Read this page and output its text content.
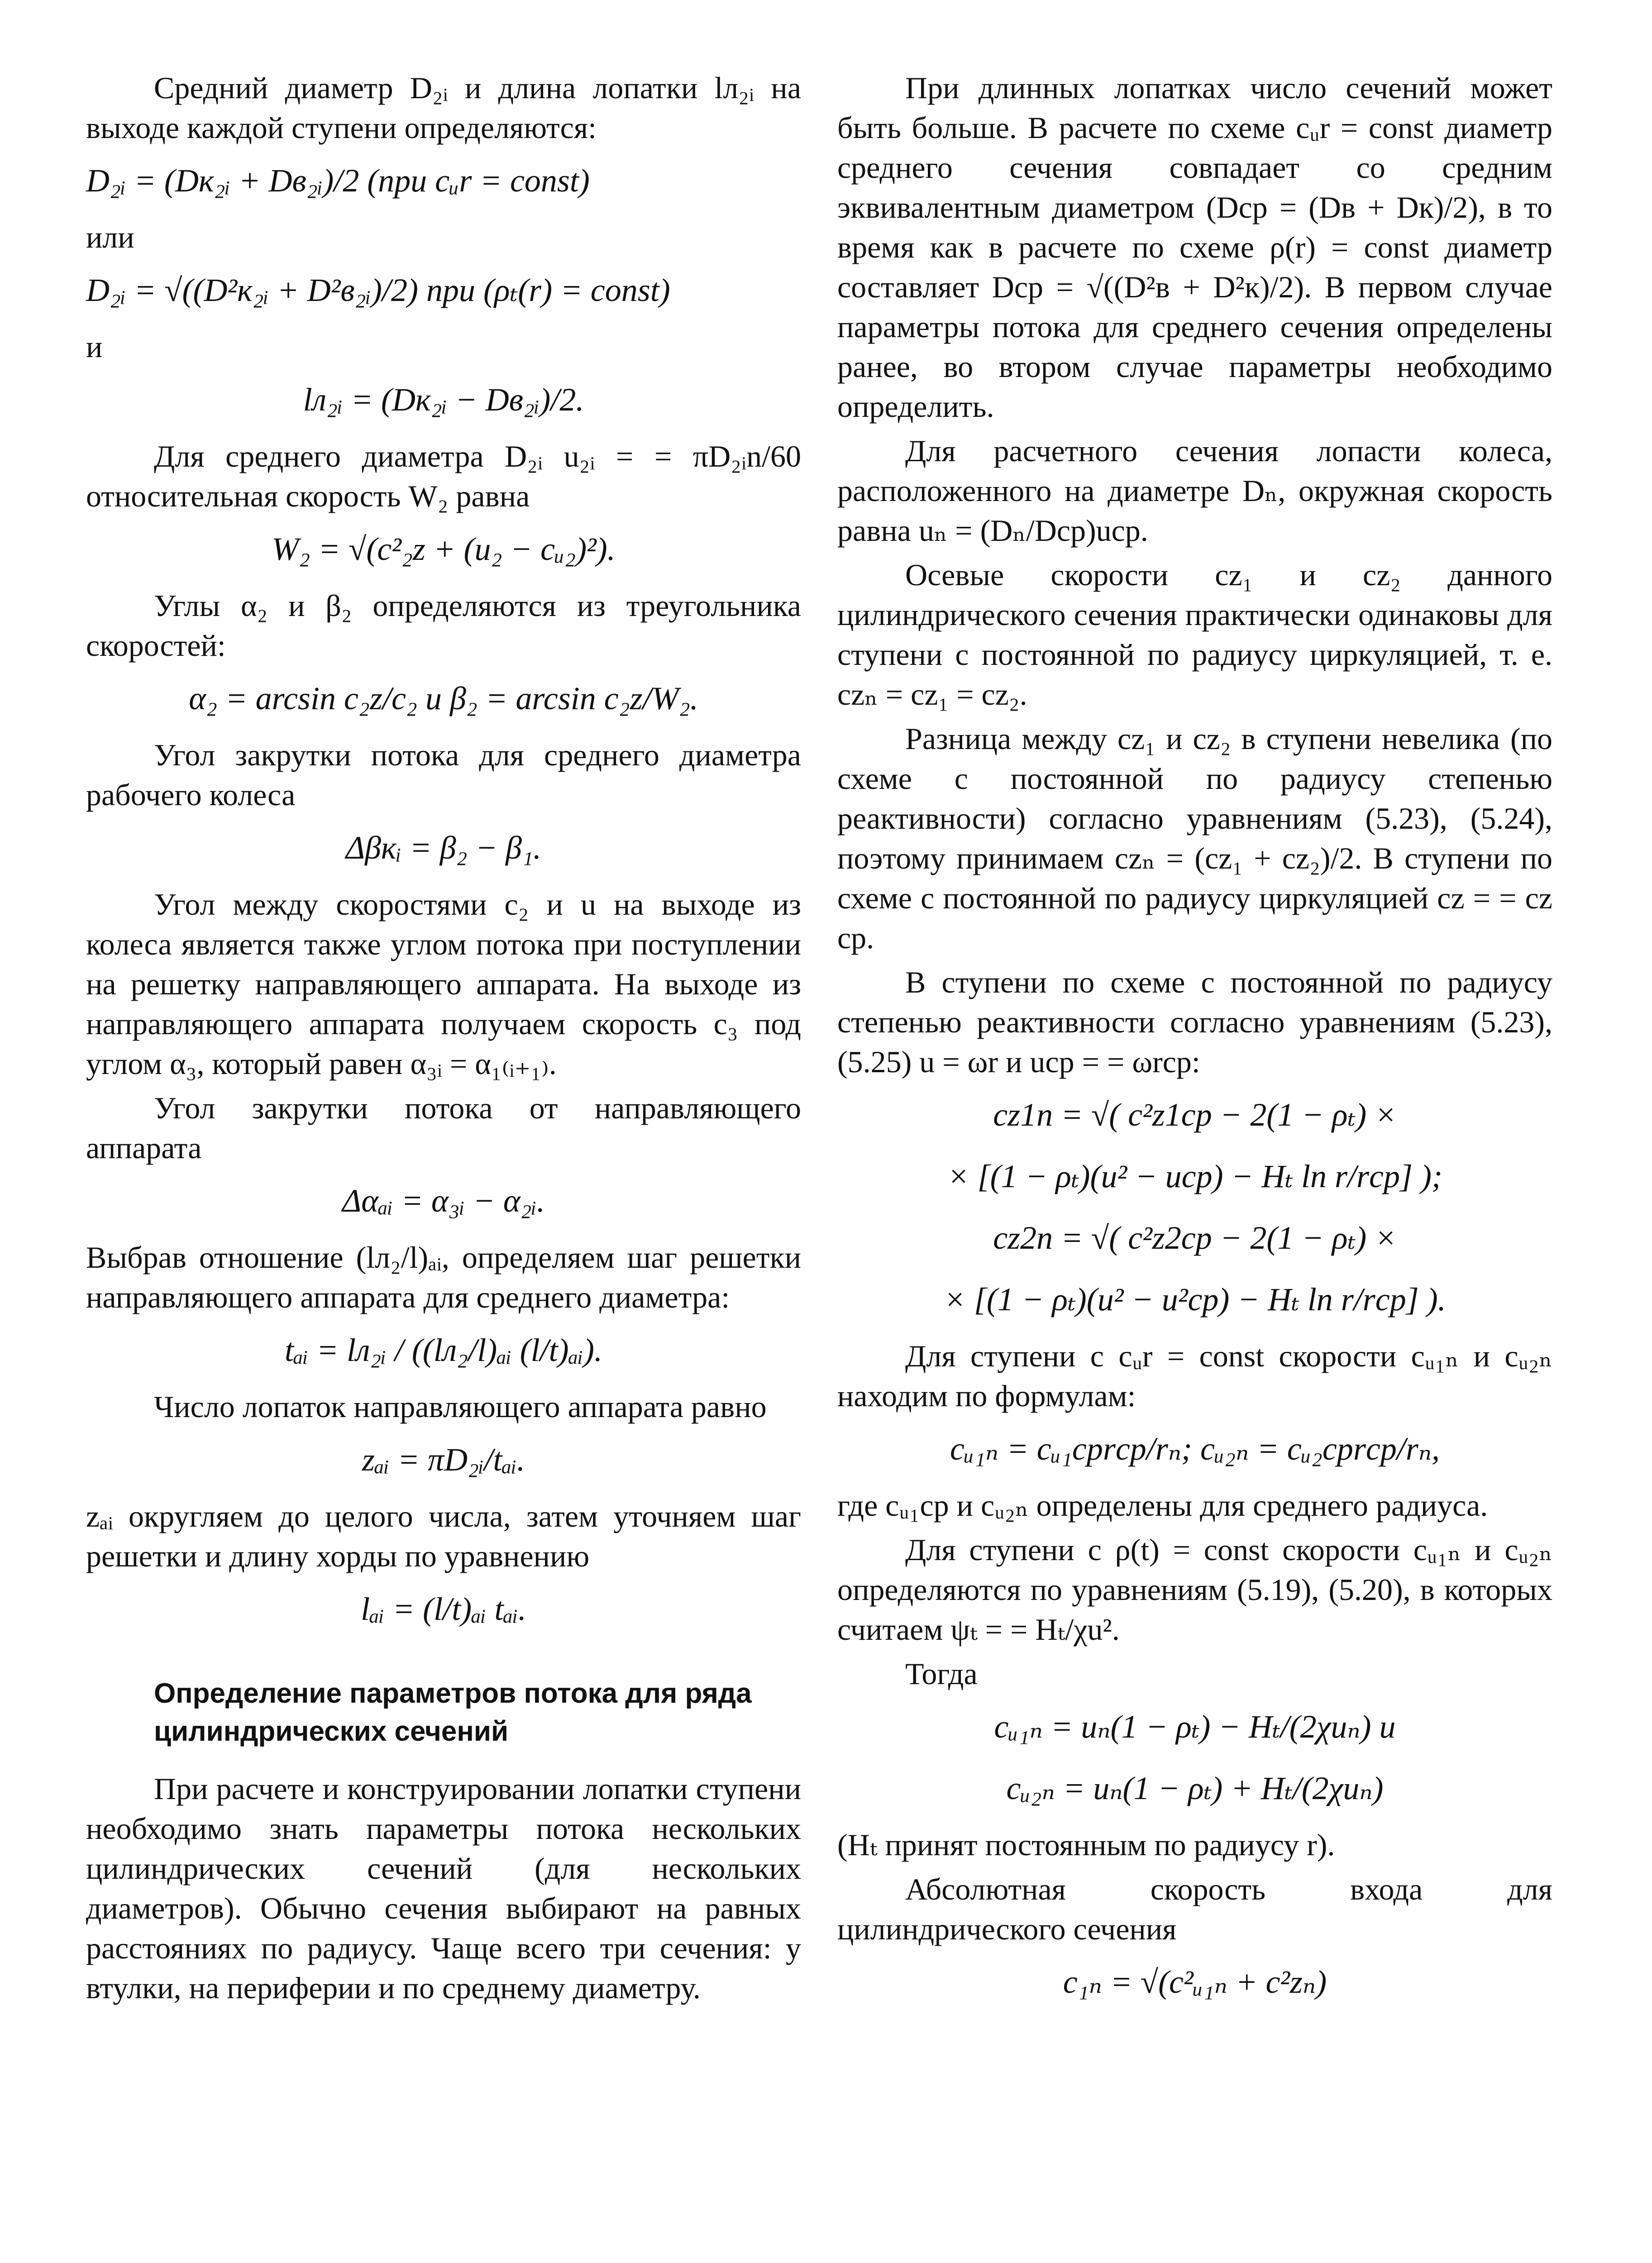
Средний диаметр D₂ᵢ и длина лопатки lл₂ᵢ на выходе каждой ступени определяются:

D₂ᵢ = (Dк₂ᵢ + Dв₂ᵢ)/2 (при cᵤr = const)

или

D₂ᵢ = √((D²к₂ᵢ + D²в₂ᵢ)/2) при (ρₜ(r) = const)

и

lл₂ᵢ = (Dк₂ᵢ − Dв₂ᵢ)/2.

Для среднего диаметра D₂ᵢ u₂ᵢ = = πD₂ᵢn/60 относительная скорость W₂ равна

W₂ = √(c²₂z + (u₂ − cᵤ₂)²).

Углы α₂ и β₂ определяются из треугольника скоростей:

α₂ = arcsin c₂z/c₂ и β₂ = arcsin c₂z/W₂.

Угол закрутки потока для среднего диаметра рабочего колеса

Δβкᵢ = β₂ − β₁.

Угол между скоростями c₂ и u на выходе из колеса является также углом потока при поступлении на решетку направляющего аппарата. На выходе из направляющего аппарата получаем скорость c₃ под углом α₃, который равен α₃ᵢ = α₁₍ᵢ₊₁₎.

Угол закрутки потока от направляющего аппарата

Δαₐᵢ = α₃ᵢ − α₂ᵢ.

Выбрав отношение (lл₂/l)ₐᵢ, определяем шаг решетки направляющего аппарата для среднего диаметра:

tₐᵢ = lл₂ᵢ / ((lл₂/l)ₐᵢ (l/t)ₐᵢ).

Число лопаток направляющего аппарата равно

zₐᵢ = πD₂ᵢ/tₐᵢ.

zₐᵢ округляем до целого числа, затем уточняем шаг решетки и длину хорды по уравнению

lₐᵢ = (l/t)ₐᵢ tₐᵢ.
Определение параметров потока для ряда цилиндрических сечений

При расчете и конструировании лопатки ступени необходимо знать параметры потока нескольких цилиндрических сечений (для нескольких диаметров). Обычно сечения выбирают на равных расстояниях по радиусу. Чаще всего три сечения: у втулки, на периферии и по среднему диаметру.

При длинных лопатках число сечений может быть больше. В расчете по схеме cᵤr = const диаметр среднего сечения совпадает со средним эквивалентным диаметром (Dср = (Dв + Dк)/2), в то время как в расчете по схеме ρ(r) = const диаметр составляет Dср = √((D²в + D²к)/2). В первом случае параметры потока для среднего сечения определены ранее, во втором случае параметры необходимо определить.

Для расчетного сечения лопасти колеса, расположенного на диаметре Dₙ, окружная скорость равна uₙ = (Dₙ/Dср)uср.

Осевые скорости cz₁ и cz₂ данного цилиндрического сечения практически одинаковы для ступени с постоянной по радиусу циркуляцией, т. е. czₙ = cz₁ = cz₂.

Разница между cz₁ и cz₂ в ступени невелика (по схеме с постоянной по радиусу степенью реактивности) согласно уравнениям (5.23), (5.24), поэтому принимаем czₙ = (cz₁ + cz₂)/2. В ступени по схеме с постоянной по радиусу циркуляцией cz = = cz ср.

В ступени по схеме с постоянной по радиусу степенью реактивности согласно уравнениям (5.23), (5.25) u = ωr и uср = = ωrср:

cz1n = √( c²z1ср − 2(1 − ρₜ) ×
× [(1 − ρₜ)(u² − uср) − Hₜ ln r/rср] );
cz2n = √( c²z2ср − 2(1 − ρₜ) ×
× [(1 − ρₜ)(u² − u²ср) − Hₜ ln r/rср] ).

Для ступени с cᵤr = const скорости cᵤ₁ₙ и cᵤ₂ₙ находим по формулам:

cᵤ₁ₙ = cᵤ₁срrср/rₙ; cᵤ₂ₙ = cᵤ₂срrср/rₙ,

где cᵤ₁ср и cᵤ₂ₙ определены для среднего радиуса.

Для ступени с ρ(t) = const скорости cᵤ₁ₙ и cᵤ₂ₙ определяются по уравнениям (5.19), (5.20), в которых считаем ψₜ = = Hₜ/χu².

Тогда

cᵤ₁ₙ = uₙ(1 − ρₜ) − Hₜ/(2χuₙ) и
cᵤ₂ₙ = uₙ(1 − ρₜ) + Hₜ/(2χuₙ)

(Hₜ принят постоянным по радиусу r).

Абсолютная скорость входа для цилиндрического сечения

c₁ₙ = √(c²ᵤ₁ₙ + c²zₙ)
